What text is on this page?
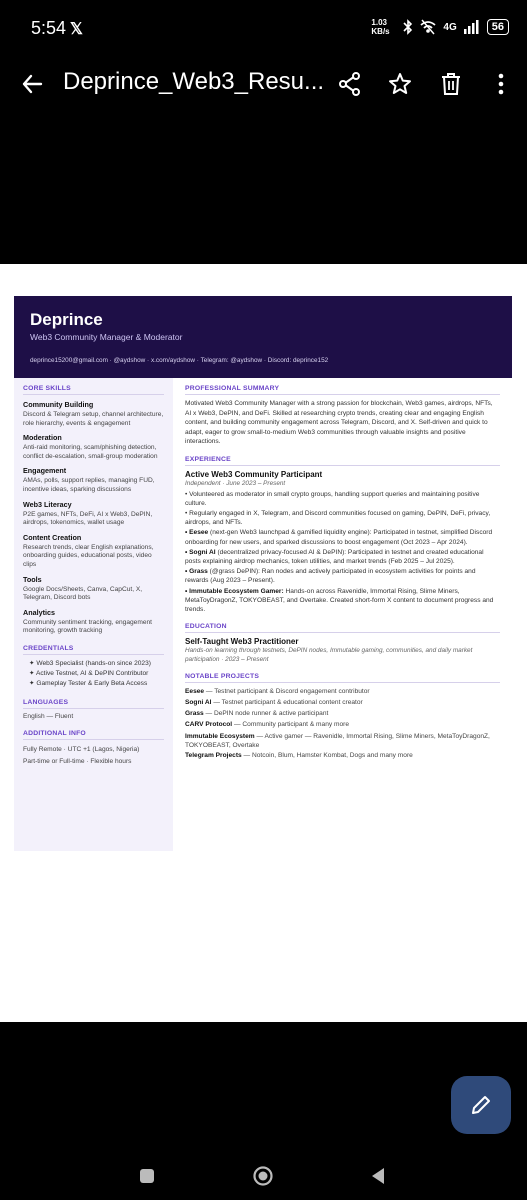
5:54 𝕏	1.03 KB/s	4G	56
Deprince_Web3_Resu...
Deprince
Web3 Community Manager & Moderator
deprince15200@gmail.com · @aydshow · x.com/aydshow · Telegram: @aydshow · Discord: deprince152
CORE SKILLS
Community Building
Discord & Telegram setup, channel architecture, role hierarchy, events & engagement
Moderation
Anti-raid monitoring, scam/phishing detection, conflict de-escalation, small-group moderation
Engagement
AMAs, polls, support replies, managing FUD, incentive ideas, sparking discussions
Web3 Literacy
P2E games, NFTs, DeFi, AI x Web3, DePIN, airdrops, tokenomics, wallet usage
Content Creation
Research trends, clear English explanations, onboarding guides, educational posts, video clips
Tools
Google Docs/Sheets, Canva, CapCut, X, Telegram, Discord bots
Analytics
Community sentiment tracking, engagement monitoring, growth tracking
CREDENTIALS
✦ Web3 Specialist (hands-on since 2023)
✦ Active Testnet, AI & DePIN Contributor
✦ Gameplay Tester & Early Beta Access
LANGUAGES
English — Fluent
ADDITIONAL INFO
Fully Remote · UTC +1 (Lagos, Nigeria)
Part-time or Full-time · Flexible hours
PROFESSIONAL SUMMARY
Motivated Web3 Community Manager with a strong passion for blockchain, Web3 games, airdrops, NFTs, AI x Web3, DePIN, and DeFi. Skilled at researching crypto trends, creating clear and engaging English content, and building community engagement across Telegram, Discord, and X. Self-driven and quick to adapt, eager to grow small-to-medium Web3 communities through valuable insights and positive interactions.
EXPERIENCE
Active Web3 Community Participant
Independent · June 2023 – Present
• Volunteered as moderator in small crypto groups, handling support queries and maintaining positive culture.
• Regularly engaged in X, Telegram, and Discord communities focused on gaming, DePIN, DeFi, privacy, airdrops, and NFTs.
• Eesee (next-gen Web3 launchpad & gamified liquidity engine): Participated in testnet, simplified Discord onboarding for new users, and sparked discussions to boost engagement (Oct 2023 – Apr 2024).
• Sogni AI (decentralized privacy-focused AI & DePIN): Participated in testnet and created educational posts explaining airdrop mechanics, token utilities, and market trends (Feb 2025 – Jul 2025).
• Grass (@grass DePIN): Ran nodes and actively participated in ecosystem activities for points and rewards (Aug 2023 – Present).
• Immutable Ecosystem Gamer: Hands-on across Ravenidle, Immortal Rising, Slime Miners, MetaToyDragonZ, TOKYOBEAST, and Overtake. Created short-form X content to document progress and trends.
EDUCATION
Self-Taught Web3 Practitioner
Hands-on learning through testnets, DePIN nodes, Immutable gaming, communities, and daily market participation · 2023 – Present
NOTABLE PROJECTS
Eesee — Testnet participant & Discord engagement contributor
Sogni AI — Testnet participant & educational content creator
Grass — DePIN node runner & active participant
CARV Protocol — Community participant & many more
Immutable Ecosystem — Active gamer — Ravenidle, Immortal Rising, Slime Miners, MetaToyDragonZ, TOKYOBEAST, Overtake
Telegram Projects — Notcoin, Blum, Hamster Kombat, Dogs and many more
